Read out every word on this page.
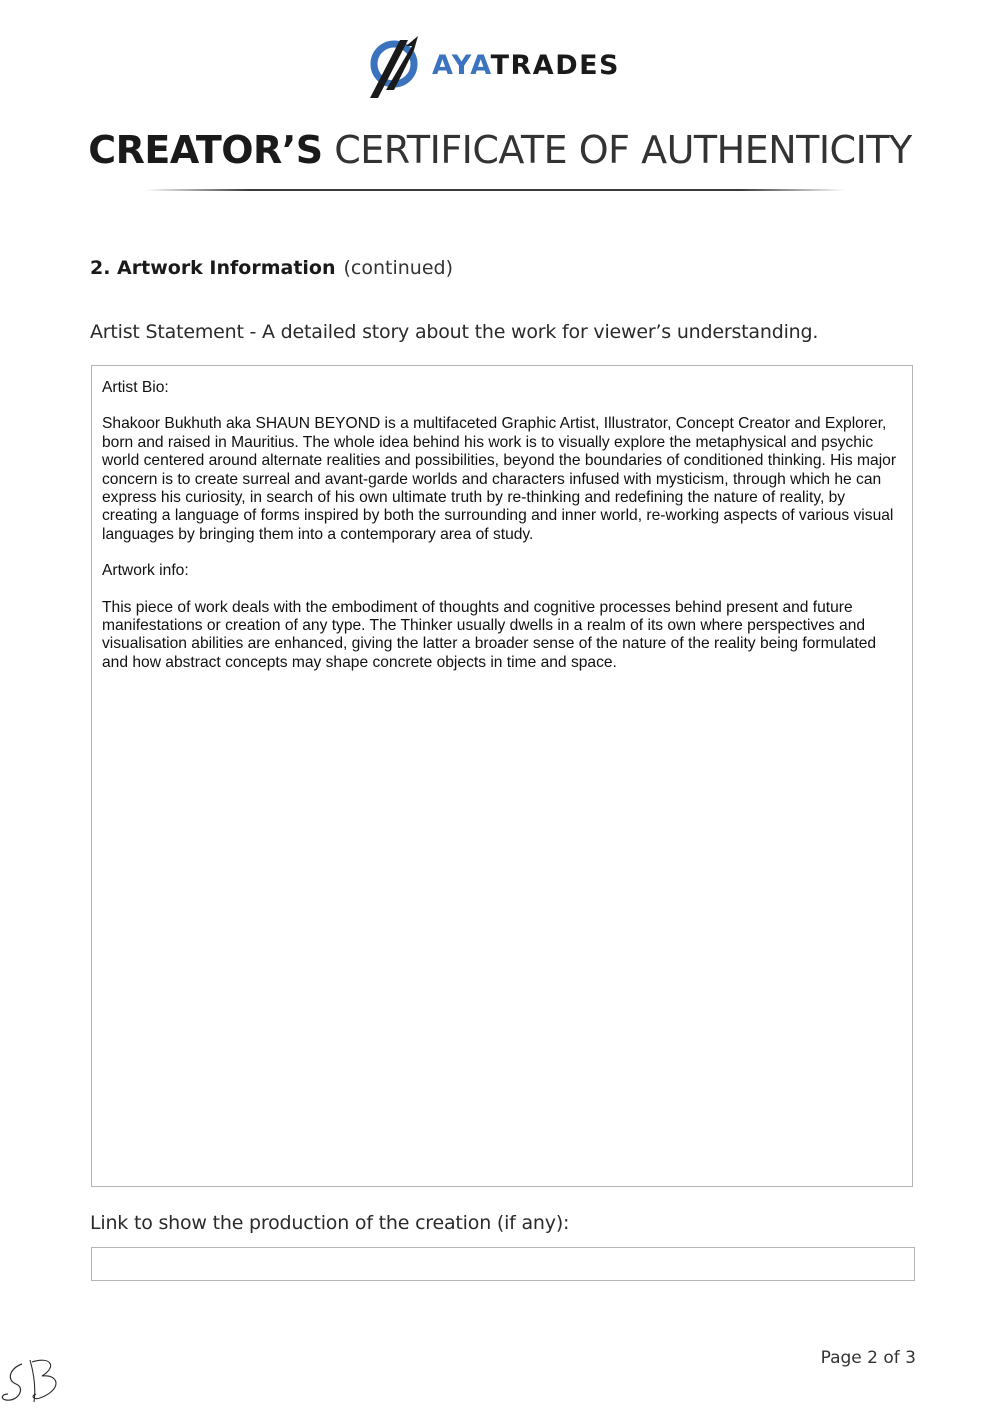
AYATRADES
CREATOR’S CERTIFICATE OF AUTHENTICITY
2. Artwork Information (continued)
Artist Statement - A detailed story about the work for viewer’s understanding.

Artist Bio:

Shakoor Bukhuth aka SHAUN BEYOND is a multifaceted Graphic Artist, Illustrator, Concept Creator and Explorer, born and raised in Mauritius. The whole idea behind his work is to visually explore the metaphysical and psychic world centered around alternate realities and possibilities, beyond the boundaries of conditioned thinking. His major concern is to create surreal and avant-garde worlds and characters infused with mysticism, through which he can express his curiosity, in search of his own ultimate truth by re-thinking and redefining the nature of reality, by creating a language of forms inspired by both the surrounding and inner world, re-working aspects of various visual languages by bringing them into a contemporary area of study.

Artwork info:

This piece of work deals with the embodiment of thoughts and cognitive processes behind present and future manifestations or creation of any type. The Thinker usually dwells in a realm of its own where perspectives and visualisation abilities are enhanced, giving the latter a broader sense of the nature of the reality being formulated and how abstract concepts may shape concrete objects in time and space.

Link to show the production of the creation (if any):
Page 2 of 3
